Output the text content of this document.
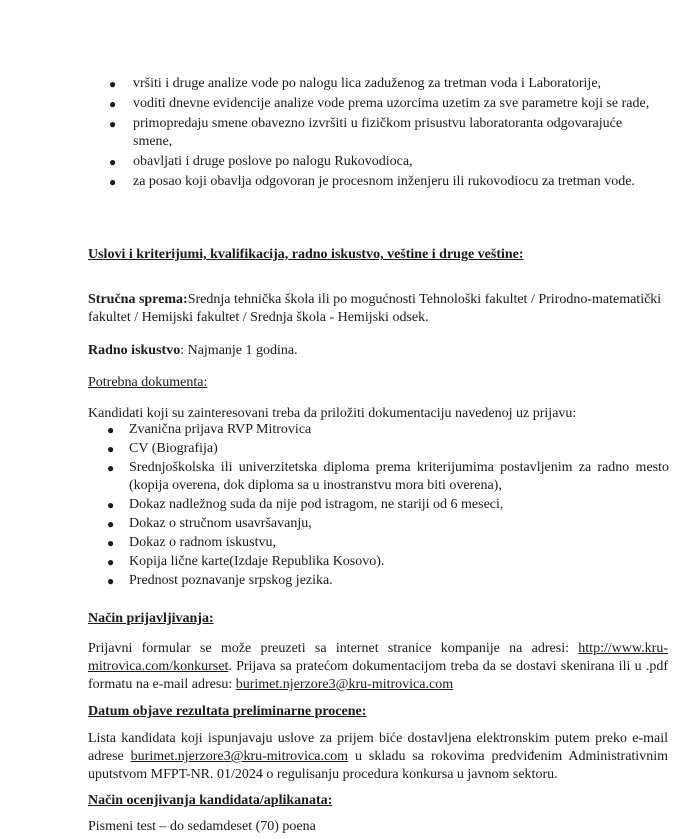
● vršiti i druge analize vode po nalogu lica zaduženog za tretman voda i Laboratorije,
● voditi dnevne evidencije analize vode prema uzorcima uzetim za sve parametre koji se rade,
● primopredaju smene obavezno izvršiti u fizičkom prisustvu laboratoranta odgovarajuće smene,
● obavljati i druge poslove po nalogu Rukovodioca,
● za posao koji obavlja odgovoran je procesnom inženjeru ili rukovodiocu za tretman vode.
Uslovi i kriterijumi, kvalifikacija, radno iskustvo, veštine i druge veštine:
Stručna sprema:Srednja tehnička škola ili po mogućnosti Tehnološki fakultet / Prirodno-matematički fakultet / Hemijski fakultet / Srednja škola - Hemijski odsek.
Radno iskustvo: Najmanje 1 godina.
Potrebna dokumenta:
Kandidati koji su zainteresovani treba da priložiti dokumentaciju navedenoj uz prijavu:
● Zvanična prijava RVP Mitrovica
● CV (Biografija)
● Srednjoškolska ili univerzitetska diploma prema kriterijumima postavljenim za radno mesto (kopija overena, dok diploma sa u inostranstvu mora biti overena),
● Dokaz nadležnog suda da nije pod istragom, ne stariji od 6 meseci,
● Dokaz o stručnom usavršavanju,
● Dokaz o radnom iskustvu,
● Kopija lične karte(Izdaje Republika Kosovo).
● Prednost poznavanje srpskog jezika.
Način prijavljivanja:
Prijavni formular se može preuzeti sa internet stranice kompanije na adresi: http://www.kru-mitrovica.com/konkurset. Prijava sa pratećom dokumentacijom treba da se dostavi skenirana ili u .pdf formatu na e-mail adresu: burimet.njerzore3@kru-mitrovica.com
Datum objave rezultata preliminarne procene:
Lista kandidata koji ispunjavaju uslove za prijem biće dostavljena elektronskim putem preko e-mail adrese burimet.njerzore3@kru-mitrovica.com u skladu sa rokovima predviđenim Administrativnim uputstvom MFPT-NR. 01/2024 o regulisanju procedura konkursa u javnom sektoru.
Način ocenjivanja kandidata/aplikanata:
Pismeni test – do sedamdeset (70) poena
